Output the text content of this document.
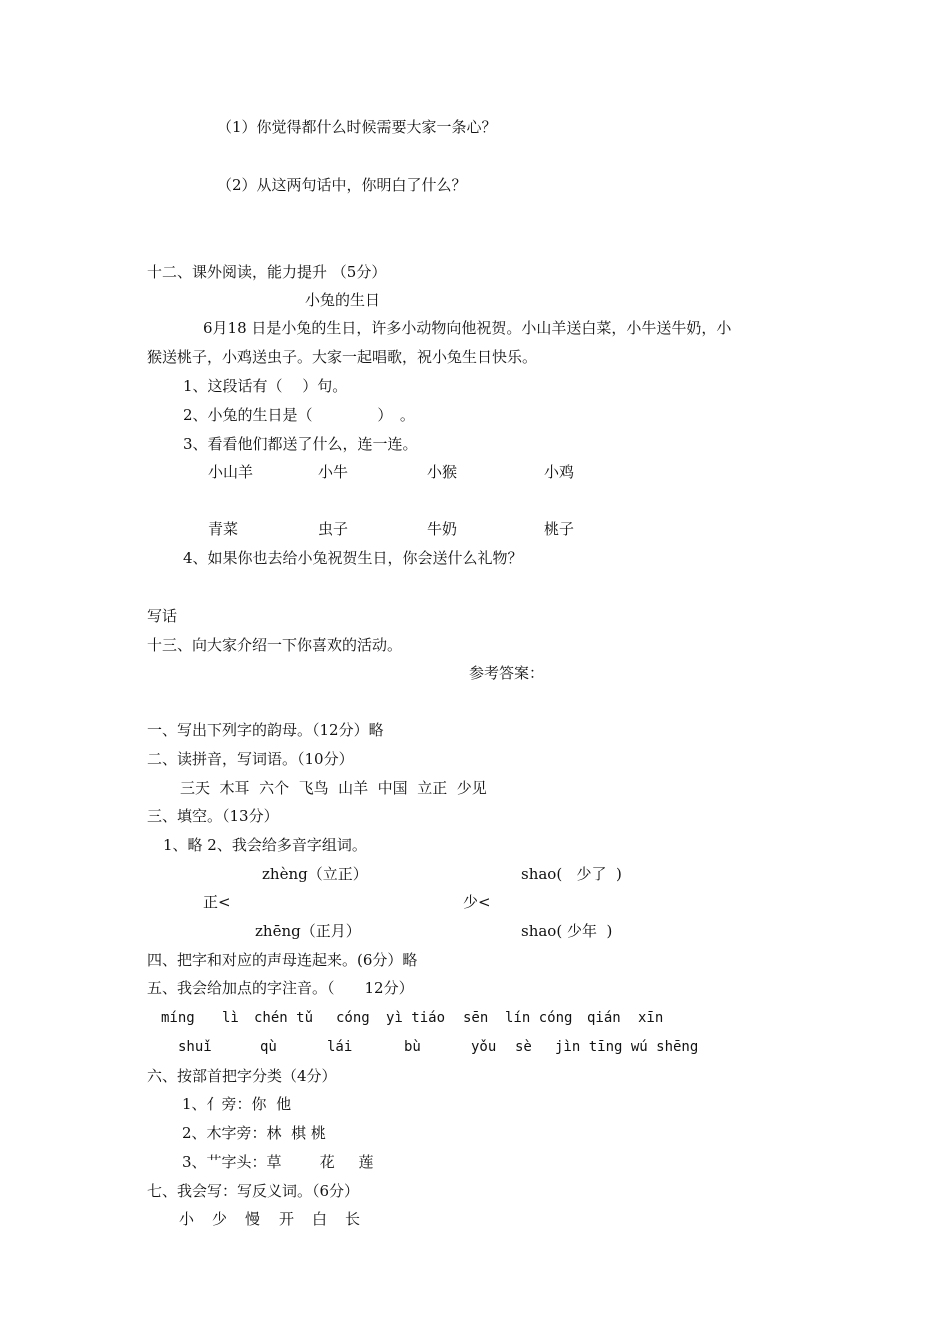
（1）你觉得都什么时候需要大家一条心？
（2）从这两句话中，你明白了什么？
十二、课外阅读，能力提升 （5分）
小兔的生日
6月18 日是小兔的生日，许多小动物向他祝贺。小山羊送白菜，小牛送牛奶，小
猴送桃子，小鸡送虫子。大家一起唱歌，祝小兔生日快乐。
1、这段话有（　 ）句。
2、小兔的生日是（　　　　 ）　。
3、看看他们都送了什么，连一连。
小山羊	小牛	小猴	小鸡
青菜	虫子	牛奶	桃子
4、如果你也去给小兔祝贺生日，你会送什么礼物？
写话
十三、向大家介绍一下你喜欢的活动。
参考答案：
一、写出下列字的韵母。（12分）略
二、读拼音，写词语。（10分）
三天  木耳  六个  飞鸟  山羊  中国  立正  少见
三、填空。（13分）
1、略 2、我会给多音字组词。
zhèng（立正）	shao(   少了  )
正<	少<
zhēng（正月）	shao( 少年  )
四、把字和对应的声母连起来。(6分）略
五、我会给加点的字注音。（　　12分）
míng lì chén tǔ cóng yì tiáo sēn lín cóng qián xīn
shuǐ	qù	lái	bù	yǒu sè jìn tīng wú shēng
六、按部首把字分类（4分）
1、亻旁：你  他
2、木字旁：林  棋 桃
3、艹字头：草        花     莲
七、我会写：写反义词。（6分）
小 少 慢 开 白 长
